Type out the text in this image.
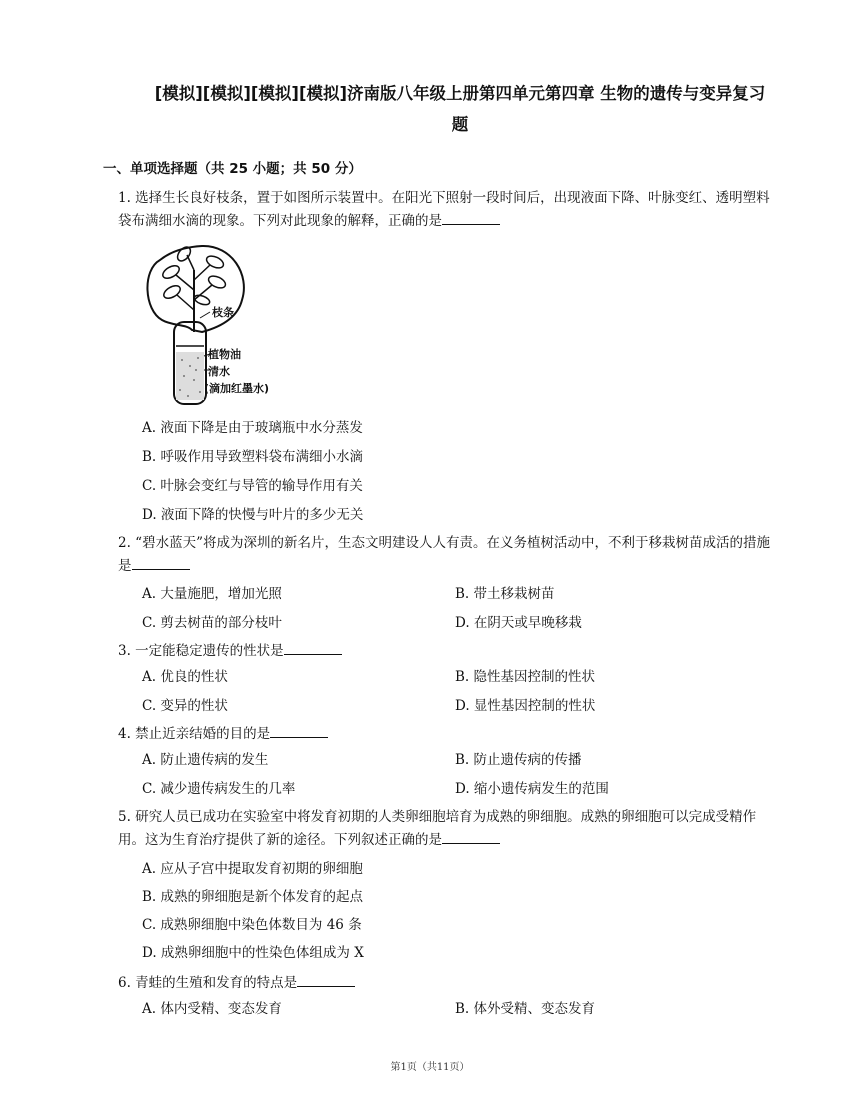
[模拟][模拟][模拟][模拟]济南版八年级上册第四单元第四章 生物的遗传与变异复习题
一、单项选择题（共 25 小题；共 50 分）
1. 选择生长良好枝条，置于如图所示装置中。在阳光下照射一段时间后，出现液面下降、叶脉变红、透明塑料袋布满细水滴的现象。下列对此现象的解释，正确的是
枝条
植物油
清水
(滴加红墨水)
A. 液面下降是由于玻璃瓶中水分蒸发
B. 呼吸作用导致塑料袋布满细小水滴
C. 叶脉会变红与导管的输导作用有关
D. 液面下降的快慢与叶片的多少无关
2. “碧水蓝天”将成为深圳的新名片，生态文明建设人人有责。在义务植树活动中，不利于移栽树苗成活的措施是
A. 大量施肥，增加光照	B. 带土移栽树苗
C. 剪去树苗的部分枝叶	D. 在阴天或早晚移栽
3. 一定能稳定遗传的性状是
A. 优良的性状	B. 隐性基因控制的性状
C. 变异的性状	D. 显性基因控制的性状
4. 禁止近亲结婚的目的是
A. 防止遗传病的发生	B. 防止遗传病的传播
C. 减少遗传病发生的几率	D. 缩小遗传病发生的范围
5. 研究人员已成功在实验室中将发育初期的人类卵细胞培育为成熟的卵细胞。成熟的卵细胞可以完成受精作用。这为生育治疗提供了新的途径。下列叙述正确的是
A. 应从子宫中提取发育初期的卵细胞
B. 成熟的卵细胞是新个体发育的起点
C. 成熟卵细胞中染色体数目为 46 条
D. 成熟卵细胞中的性染色体组成为 X
6. 青蛙的生殖和发育的特点是
A. 体内受精、变态发育	B. 体外受精、变态发育
第1页（共11页）
